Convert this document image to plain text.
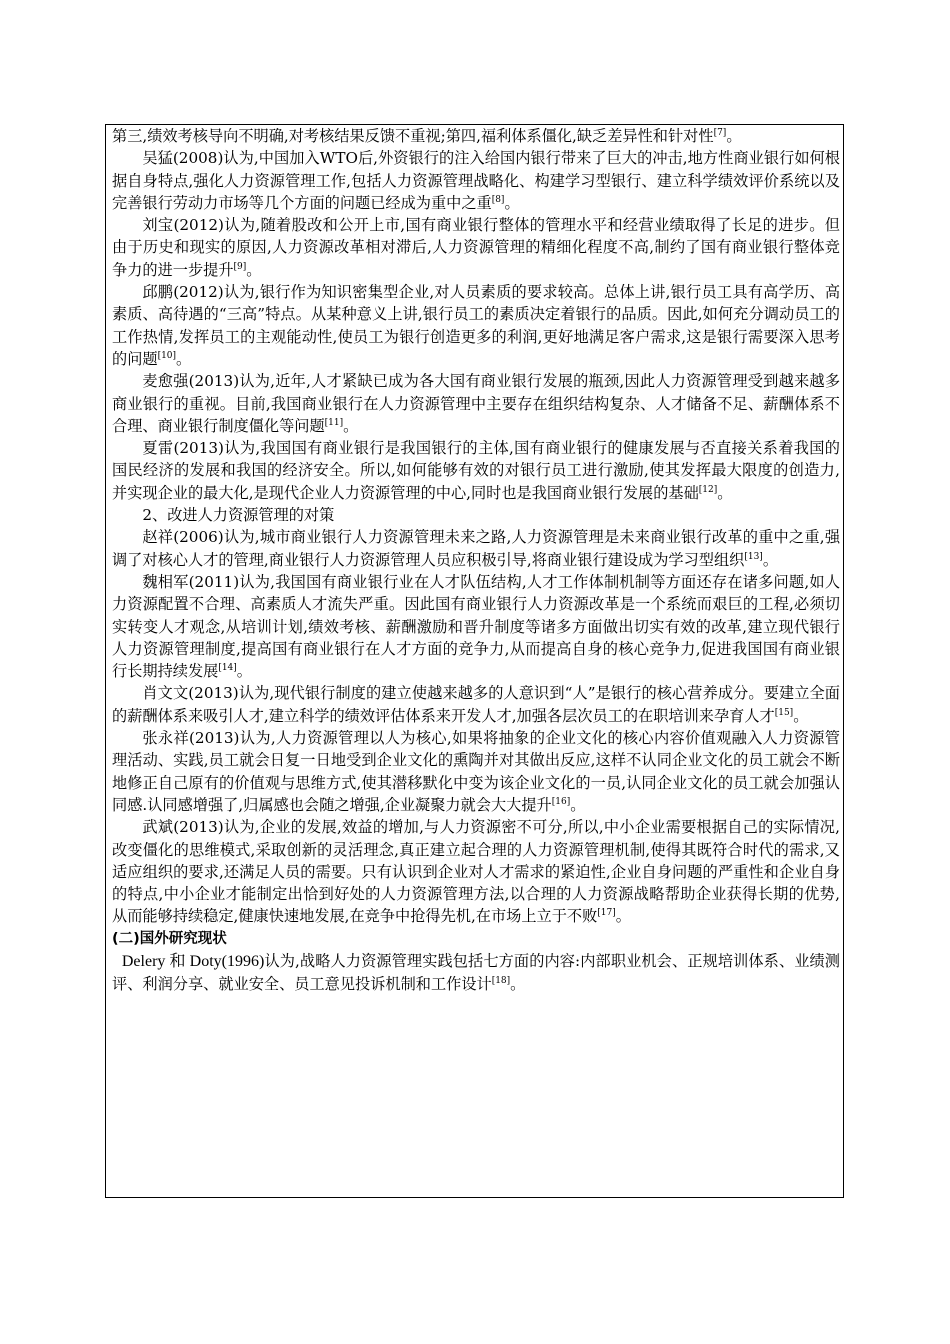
第三,绩效考核导向不明确,对考核结果反馈不重视;第四,福利体系僵化,缺乏差异性和针对性[7]。

吴猛(2008)认为,中国加入WTO后,外资银行的注入给国内银行带来了巨大的冲击,地方性商业银行如何根据自身特点,强化人力资源管理工作,包括人力资源管理战略化、构建学习型银行、建立科学绩效评价系统以及完善银行劳动力市场等几个方面的问题已经成为重中之重[8]。

刘宝(2012)认为,随着股改和公开上市,国有商业银行整体的管理水平和经营业绩取得了长足的进步。但由于历史和现实的原因,人力资源改革相对滞后,人力资源管理的精细化程度不高,制约了国有商业银行整体竞争力的进一步提升[9]。

邱鹏(2012)认为,银行作为知识密集型企业,对人员素质的要求较高。总体上讲,银行员工具有高学历、高素质、高待遇的“三高”特点。从某种意义上讲,银行员工的素质决定着银行的品质。因此,如何充分调动员工的工作热情,发挥员工的主观能动性,使员工为银行创造更多的利润,更好地满足客户需求,这是银行需要深入思考的问题[10]。

麦愈强(2013)认为,近年,人才紧缺已成为各大国有商业银行发展的瓶颈,因此人力资源管理受到越来越多商业银行的重视。目前,我国商业银行在人力资源管理中主要存在组织结构复杂、人才储备不足、薪酬体系不合理、商业银行制度僵化等问题[11]。

夏雷(2013)认为,我国国有商业银行是我国银行的主体,国有商业银行的健康发展与否直接关系着我国的国民经济的发展和我国的经济安全。所以,如何能够有效的对银行员工进行激励,使其发挥最大限度的创造力,并实现企业的最大化,是现代企业人力资源管理的中心,同时也是我国商业银行发展的基础[12]。

2、改进人力资源管理的对策

赵祥(2006)认为,城市商业银行人力资源管理未来之路,人力资源管理是未来商业银行改革的重中之重,强调了对核心人才的管理,商业银行人力资源管理人员应积极引导,将商业银行建设成为学习型组织[13]。

魏相军(2011)认为,我国国有商业银行业在人才队伍结构,人才工作体制机制等方面还存在诸多问题,如人力资源配置不合理、高素质人才流失严重。因此国有商业银行人力资源改革是一个系统而艰巨的工程,必须切实转变人才观念,从培训计划,绩效考核、薪酬激励和晋升制度等诸多方面做出切实有效的改革,建立现代银行人力资源管理制度,提高国有商业银行在人才方面的竞争力,从而提高自身的核心竞争力,促进我国国有商业银行长期持续发展[14]。

肖文文(2013)认为,现代银行制度的建立使越来越多的人意识到“人”是银行的核心营养成分。要建立全面的薪酬体系来吸引人才,建立科学的绩效评估体系来开发人才,加强各层次员工的在职培训来孕育人才[15]。

张永祥(2013)认为,人力资源管理以人为核心,如果将抽象的企业文化的核心内容价值观融入人力资源管理活动、实践,员工就会日复一日地受到企业文化的熏陶并对其做出反应,这样不认同企业文化的员工就会不断地修正自己原有的价值观与思维方式,使其潜移默化中变为该企业文化的一员,认同企业文化的员工就会加强认同感.认同感增强了,归属感也会随之增强,企业凝聚力就会大大提升[16]。

武斌(2013)认为,企业的发展,效益的增加,与人力资源密不可分,所以,中小企业需要根据自己的实际情况,改变僵化的思维模式,采取创新的灵活理念,真正建立起合理的人力资源管理机制,使得其既符合时代的需求,又适应组织的要求,还满足人员的需要。只有认识到企业对人才需求的紧迫性,企业自身问题的严重性和企业自身的特点,中小企业才能制定出恰到好处的人力资源管理方法,以合理的人力资源战略帮助企业获得长期的优势,从而能够持续稳定,健康快速地发展,在竞争中抢得先机,在市场上立于不败[17]。

(二)国外研究现状

Delery 和 Doty(1996)认为,战略人力资源管理实践包括七方面的内容:内部职业机会、正规培训体系、业绩测评、利润分享、就业安全、员工意见投诉机制和工作设计[18]。
